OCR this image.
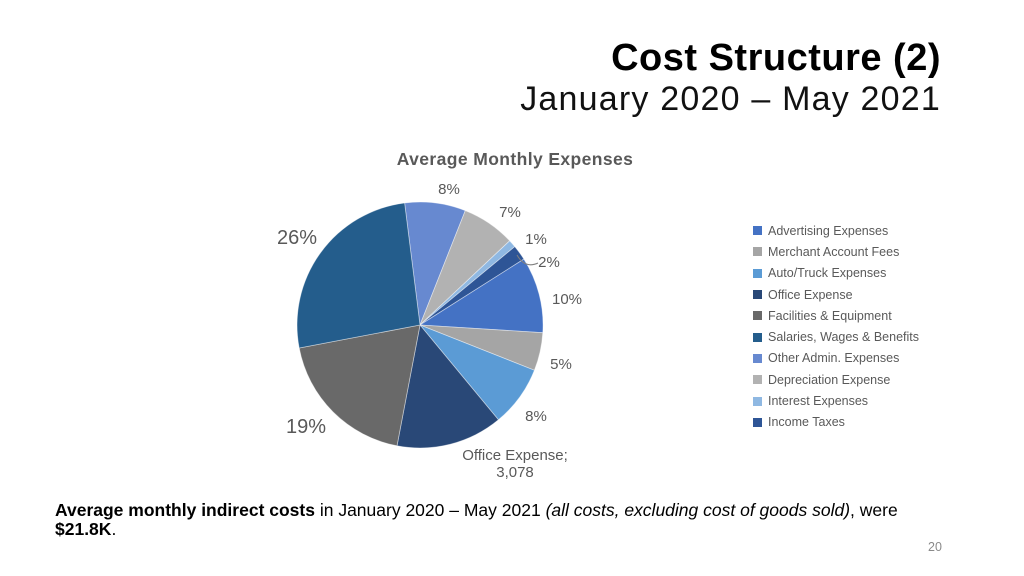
Cost Structure (2)
January 2020 – May 2021
Average Monthly Expenses
8%
7%
1%
2%
10%
5%
8%
Office Expense;
3,078
19%
26%	Advertising Expenses
Merchant Account Fees
Auto/Truck Expenses
Office Expense
Facilities & Equipment
Salaries, Wages & Benefits
Other Admin. Expenses
Depreciation Expense
Interest Expenses
Income Taxes
Average monthly indirect costs in January 2020 – May 2021 (all costs, excluding cost of goods sold), were
$21.8K.
20
